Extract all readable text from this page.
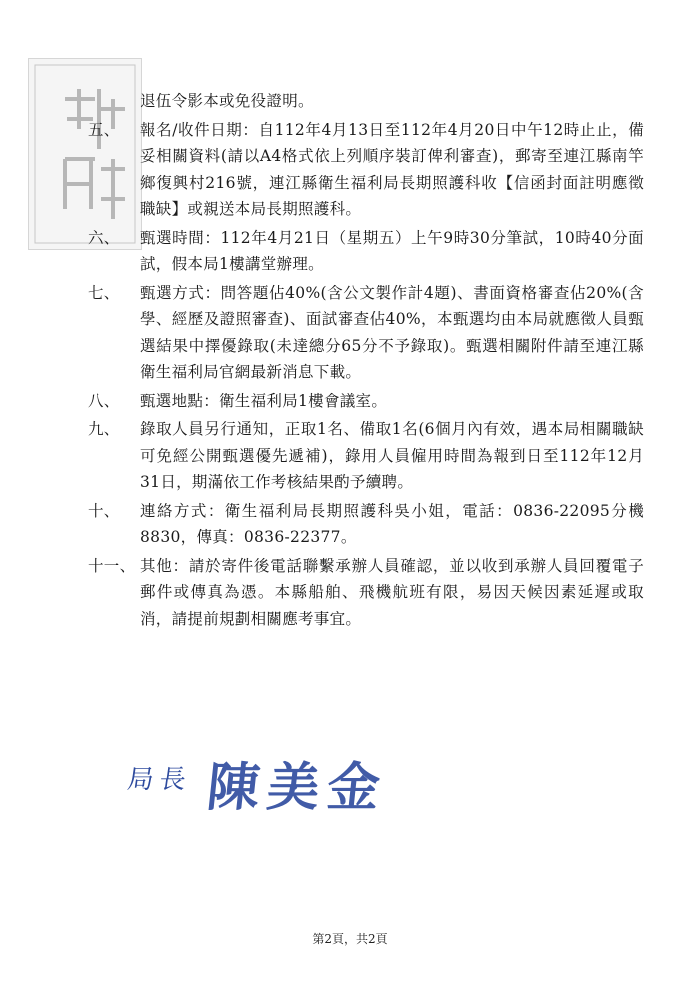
退伍令影本或免役證明。
五、	報名/收件日期：自112年4月13日至112年4月20日中午12時止止，備妥相關資料(請以A4格式依上列順序裝訂俾利審查)，郵寄至連江縣南竿鄉復興村216號，連江縣衛生福利局長期照護科收【信函封面註明應徵職缺】或親送本局長期照護科。
六、	甄選時間：112年4月21日（星期五）上午9時30分筆試，10時40分面試，假本局1樓講堂辦理。
七、	甄選方式：問答題佔40%(含公文製作計4題)、書面資格審查佔20%(含學、經歷及證照審查)、面試審查佔40%，本甄選均由本局就應徵人員甄選結果中擇優錄取(未達總分65分不予錄取)。甄選相關附件請至連江縣衛生福利局官網最新消息下載。
八、	甄選地點：衛生福利局1樓會議室。
九、	錄取人員另行通知，正取1名、備取1名(6個月內有效，遇本局相關職缺可免經公開甄選優先遞補)，錄用人員僱用時間為報到日至112年12月31日，期滿依工作考核結果酌予續聘。
十、	連絡方式：衛生福利局長期照護科吳小姐，電話：0836-22095分機8830，傳真：0836-22377。
十一、 其他：請於寄件後電話聯繫承辦人員確認，並以收到承辦人員回覆電子郵件或傳真為憑。本縣船舶、飛機航班有限，易因天候因素延遲或取消，請提前規劃相關應考事宜。
局長 陳美金
第2頁，共2頁
